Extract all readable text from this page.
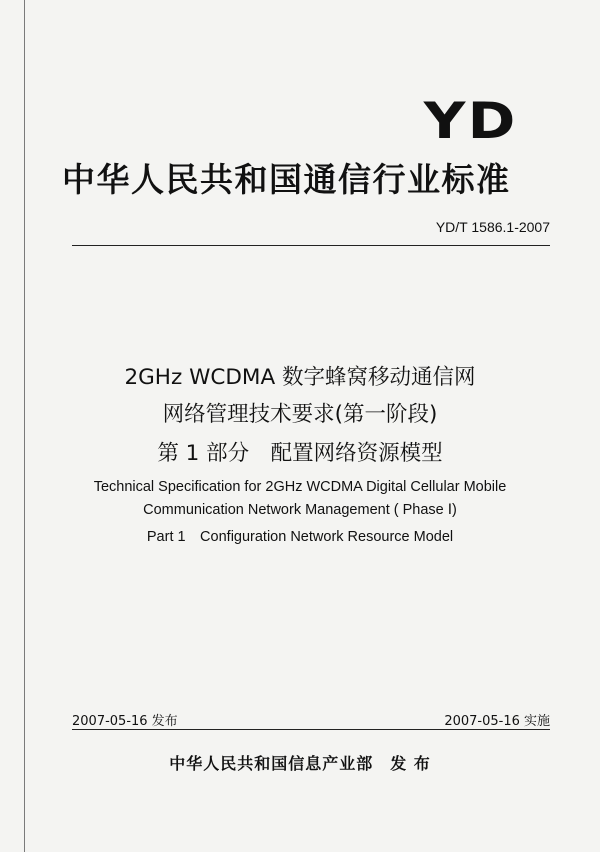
YD
中华人民共和国通信行业标准
YD/T 1586.1-2007
2GHz WCDMA 数字蜂窝移动通信网
网络管理技术要求(第一阶段)
第 1 部分　配置网络资源模型
Technical Specification for 2GHz WCDMA Digital Cellular Mobile
Communication Network Management ( Phase Ⅰ)
Part 1　Configuration Network Resource Model
2007-05-16 发布	2007-05-16 实施
中华人民共和国信息产业部　发 布
